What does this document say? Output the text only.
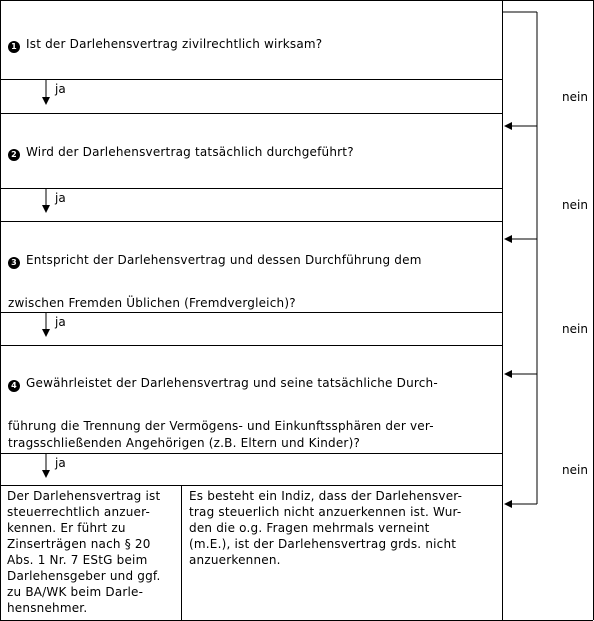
1 Ist der Darlehensvertrag zivilrechtlich wirksam?
2 Wird der Darlehensvertrag tatsächlich durchgeführt?
3 Entspricht der Darlehensvertrag und dessen Durchführung dem
zwischen Fremden Üblichen (Fremdvergleich)?
4 Gewährleistet der Darlehensvertrag und seine tatsächliche Durch-
führung die Trennung der Vermögens- und Einkunftssphären der ver-
tragsschließenden Angehörigen (z.B. Eltern und Kinder)?
ja
ja
ja
ja
nein
nein
nein
nein
Der Darlehensvertrag ist
steuerrechtlich anzuer-
kennen. Er führt zu
Zinserträgen nach § 20
Abs. 1 Nr. 7 EStG beim
Darlehensgeber und ggf.
zu BA/WK beim Darle-
hensnehmer.
Es besteht ein Indiz, dass der Darlehensver-
trag steuerlich nicht anzuerkennen ist. Wur-
den die o.g. Fragen mehrmals verneint
(m.E.), ist der Darlehensvertrag grds. nicht
anzuerkennen.
